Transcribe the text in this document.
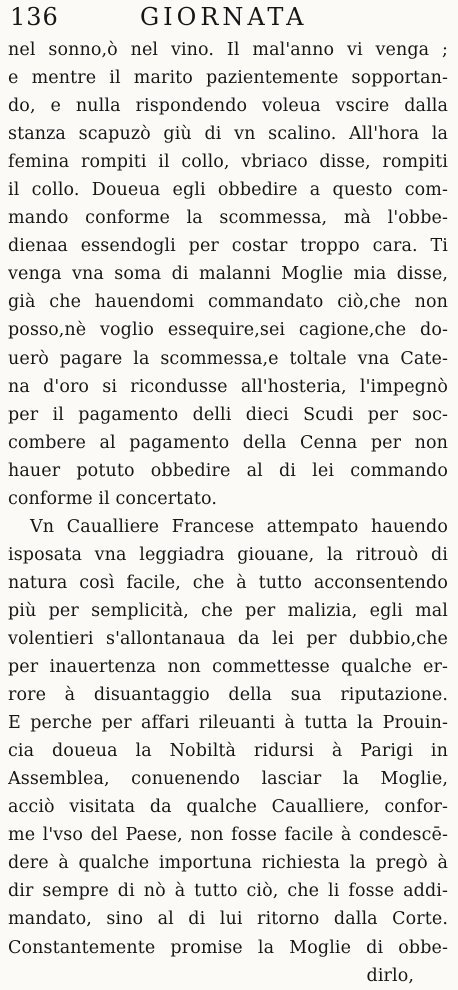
136	GIORNATA
nel sonno,ò nel vino. Il mal'anno vi venga ;
e mentre il marito pazientemente sopportan-
do, e nulla rispondendo voleua vscire dalla
stanza scapuzò giù di vn scalino. All'hora la
femina rompiti il collo, vbriaco disse, rompiti
il collo. Doueua egli obbedire a questo com-
mando conforme la scommessa, mà l'obbe-
dienaa essendogli per costar troppo cara. Ti
venga vna soma di malanni Moglie mia disse,
già che hauendomi commandato ciò,che non
posso,nè voglio essequire,sei cagione,che do-
uerò pagare la scommessa,e toltale vna Cate-
na d'oro si ricondusse all'hosteria, l'impegnò
per il pagamento delli dieci Scudi per soc-
combere al pagamento della Cenna per non
hauer potuto obbedire al di lei commando
conforme il concertato.
Vn Caualliere Francese attempato hauendo
isposata vna leggiadra giouane, la ritrouò di
natura così facile, che à tutto acconsentendo
più per semplicità, che per malizia, egli mal
volentieri s'allontanaua da lei per dubbio,che
per inauertenza non commettesse qualche er-
rore à disuantaggio della sua riputazione.
E perche per affari rileuanti à tutta la Prouin-
cia doueua la Nobiltà ridursi à Parigi in
Assemblea, conuenendo lasciar la Moglie,
acciò visitata da qualche Caualliere, confor-
me l'vso del Paese, non fosse facile à condescē-
dere à qualche importuna richiesta la pregò à
dir sempre di nò à tutto ciò, che li fosse addi-
mandato, sino al di lui ritorno dalla Corte.
Constantemente promise la Moglie di obbe-
dirlo,
